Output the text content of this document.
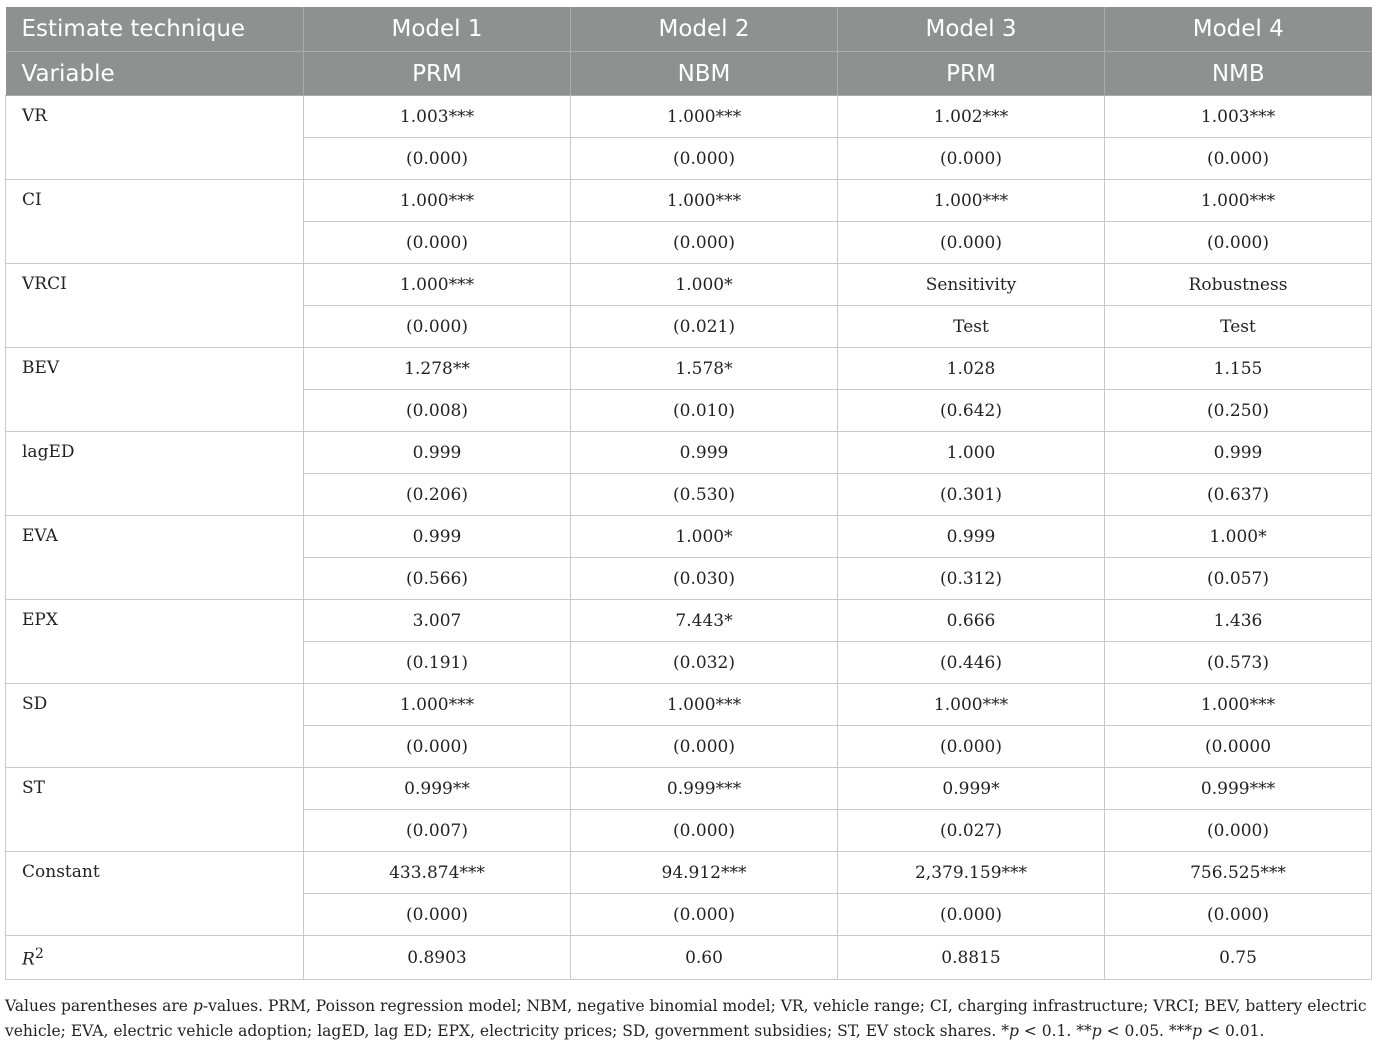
Estimate technique	Model 1	Model 2	Model 3	Model 4
Variable	PRM	NBM	PRM	NMB
VR	1.003***	1.000***	1.002***	1.003***
	(0.000)	(0.000)	(0.000)	(0.000)
CI	1.000***	1.000***	1.000***	1.000***
	(0.000)	(0.000)	(0.000)	(0.000)
VRCI	1.000***	1.000*	Sensitivity	Robustness
	(0.000)	(0.021)	Test	Test
BEV	1.278**	1.578*	1.028	1.155
	(0.008)	(0.010)	(0.642)	(0.250)
lagED	0.999	0.999	1.000	0.999
	(0.206)	(0.530)	(0.301)	(0.637)
EVA	0.999	1.000*	0.999	1.000*
	(0.566)	(0.030)	(0.312)	(0.057)
EPX	3.007	7.443*	0.666	1.436
	(0.191)	(0.032)	(0.446)	(0.573)
SD	1.000***	1.000***	1.000***	1.000***
	(0.000)	(0.000)	(0.000)	(0.0000
ST	0.999**	0.999***	0.999*	0.999***
	(0.007)	(0.000)	(0.027)	(0.000)
Constant	433.874***	94.912***	2,379.159***	756.525***
	(0.000)	(0.000)	(0.000)	(0.000)
$R^2$	0.8903	0.60	0.8815	0.75
Values parentheses are p-values. PRM, Poisson regression model; NBM, negative binomial model; VR, vehicle range; CI, charging infrastructure; VRCI; BEV, battery electric vehicle; EVA, electric vehicle adoption; lagED, lag ED; EPX, electricity prices; SD, government subsidies; ST, EV stock shares. *p < 0.1. **p < 0.05. ***p < 0.01.
